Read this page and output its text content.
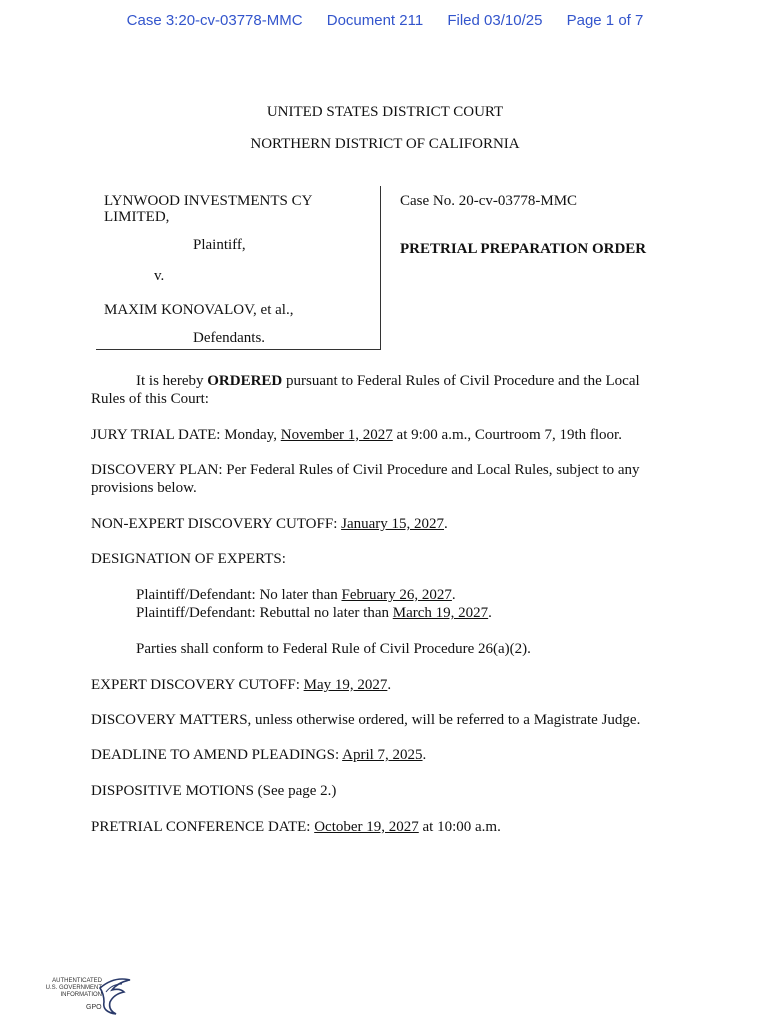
Case 3:20-cv-03778-MMC Document 211 Filed 03/10/25 Page 1 of 7
UNITED STATES DISTRICT COURT
NORTHERN DISTRICT OF CALIFORNIA
LYNWOOD INVESTMENTS CY
LIMITED,
Plaintiff,
v.
MAXIM KONOVALOV, et al.,
Defendants.
Case No. 20-cv-03778-MMC
PRETRIAL PREPARATION ORDER
It is hereby ORDERED pursuant to Federal Rules of Civil Procedure and the Local
Rules of this Court:
JURY TRIAL DATE: Monday, November 1, 2027 at 9:00 a.m., Courtroom 7, 19th floor.
DISCOVERY PLAN: Per Federal Rules of Civil Procedure and Local Rules, subject to any
provisions below.
NON-EXPERT DISCOVERY CUTOFF: January 15, 2027.
DESIGNATION OF EXPERTS:
Plaintiff/Defendant: No later than February 26, 2027.
Plaintiff/Defendant: Rebuttal no later than March 19, 2027.
Parties shall conform to Federal Rule of Civil Procedure 26(a)(2).
EXPERT DISCOVERY CUTOFF: May 19, 2027.
DISCOVERY MATTERS, unless otherwise ordered, will be referred to a Magistrate Judge.
DEADLINE TO AMEND PLEADINGS: April 7, 2025.
DISPOSITIVE MOTIONS (See page 2.)
PRETRIAL CONFERENCE DATE: October 19, 2027 at 10:00 a.m.
AUTHENTICATED
U.S. GOVERNMENT
INFORMATION
GPO
